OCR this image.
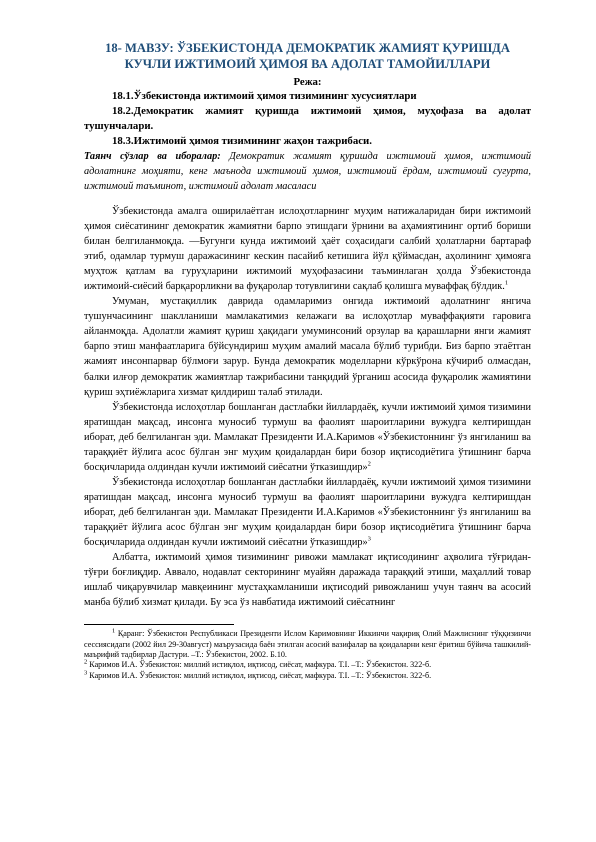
18- МАВЗУ: ЎЗБЕКИСТОНДА ДЕМОКРАТИК ЖАМИЯТ ҚУРИШДА
КУЧЛИ ИЖТИМОИЙ ҲИМОЯ ВА АДОЛАТ ТАМОЙИЛЛАРИ

Режа:

18.1.Ўзбекистонда ижтимоий ҳимоя тизимининг хусусиятлари

18.2.Демократик жамият қуришда ижтимоий ҳимоя, муҳофаза ва адолат тушунчалари.

18.3.Ижтимоий ҳимоя тизимининг жаҳон тажрибаси.

Таянч сўзлар ва иборалар: Демократик жамият қуришда ижтимоий ҳимоя, ижтимоий адолатнинг моҳияти, кенг маънода ижтимоий ҳимоя, ижтимоий ёрдам, ижтимоий сугурта, ижтимоий таъминот, ижтимоий адолат масаласи

Ўзбекистонда амалга оширилаётган ислоҳотларнинг муҳим натижаларидан бири ижтимоий ҳимоя сиёсатининг демократик жамиятни барпо этишдаги ўрнини ва аҳамиятининг ортиб бориши билан белгиланмоқда. ―Бугунги кунда ижтимоий ҳаёт соҳасидаги салбий ҳолатларни бартараф этиб, одамлар турмуш даражасининг кескин пасайиб кетишига йўл қўймасдан, аҳолининг ҳимояга муҳтож қатлам ва гуруҳларини ижтимоий муҳофазасини таъминлаган ҳолда Ўзбекистонда ижтимоий-сиёсий барқарорликни ва фуқаролар тотувлигини сақлаб қолишга муваффақ бўлдик.$^1$

Умуман, мустақиллик даврида одамларимиз онгида ижтимоий адолатнинг янгича тушунчасининг шаклланиши мамлакатимиз келажаги ва ислоҳотлар муваффақияти гаровига айланмоқда. Адолатли жамият қуриш ҳақидаги умуминсоний орзулар ва қарашларни янги жамият барпо этиш манфаатларига бўйсундириш муҳим амалий масала бўлиб турибди. Биз барпо этаётган жамият инсонпарвар бўлмоғи зарур. Бунда демократик моделларни кўркўрона кўчириб олмасдан, балки илғор демократик жамиятлар тажрибасини танқидий ўрганиш асосида фуқаролик жамиятини қуриш эҳтиёжларига хизмат қилдириш талаб этилади.

Ўзбекистонда ислоҳотлар бошланган дастлабки йиллардаёқ, кучли ижтимоий ҳимоя тизимини яратишдан мақсад, инсонга муносиб турмуш ва фаолият шароитларини вужудга келтиришдан иборат, деб белгиланган эди. Мамлакат Президенти И.А.Каримов «Ўзбекистоннинг ўз янгиланиш ва тараққиёт йўлига асос бўлган энг муҳим қоидалардан бири бозор иқтисодиётига ўтишнинг барча босқичларида олдиндан кучли ижтимоий сиёсатни ўтказишдир»$^2$

Ўзбекистонда ислоҳотлар бошланган дастлабки йиллардаёқ, кучли ижтимоий ҳимоя тизимини яратишдан мақсад, инсонга муносиб турмуш ва фаолият шароитларини вужудга келтиришдан иборат, деб белгиланган эди. Мамлакат Президенти И.А.Каримов «Ўзбекистоннинг ўз янгиланиш ва тараққиёт йўлига асос бўлган энг муҳим қоидалардан бири бозор иқтисодиётига ўтишнинг барча босқичларида олдиндан кучли ижтимоий сиёсатни ўтказишдир»$^3$

Албатта, ижтимоий ҳимоя тизимининг ривожи мамлакат иқтисодининг аҳволига тўғридан- тўғри боғлиқдир. Аввало, нодавлат секторининг муайян даражада тараққий этиши, маҳаллий товар ишлаб чиқарувчилар мавқеининг мустаҳкамланиши иқтисодий ривожланиш учун таянч ва асосий манба бўлиб хизмат қилади. Бу эса ўз навбатида ижтимоий сиёсатнинг

$^1$ Қаранг: Ўзбекистон Республикаси Президенти Ислом Каримовнинг Иккинчи чақириқ Олий Мажлиснинг тўққизинчи сессиясидаги (2002 йил 29-30август) маърузасида баён этилган асосий вазифалар ва қоидаларни кенг ёритиш бўйича ташкилий-маърифий тадбирлар Дастури. –Т.: Ўзбекистон, 2002. Б.10.

$^2$ Каримов И.А. Ўзбекистон: миллий истиқлол, иқтисод, сиёсат, мафкура. Т.I. –Т.: Ўзбекистон. 322-б.

$^3$ Каримов И.А. Ўзбекистон: миллий истиқлол, иқтисод, сиёсат, мафкура. Т.I. –Т.: Ўзбекистон. 322-б.
